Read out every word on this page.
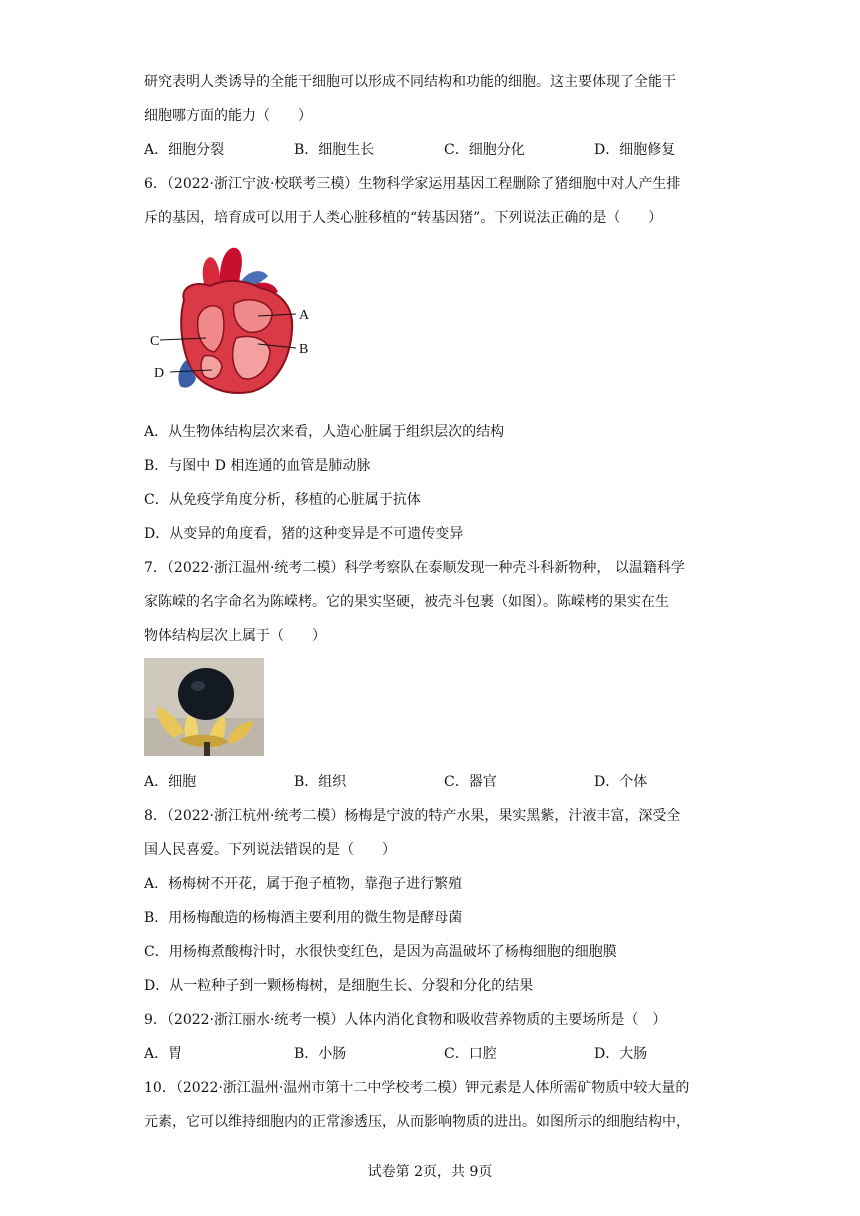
研究表明人类诱导的全能干细胞可以形成不同结构和功能的细胞。这主要体现了全能干
细胞哪方面的能力（　　）
A．细胞分裂	B．细胞生长	C．细胞分化	D．细胞修复
6．（2022·浙江宁波·校联考三模）生物科学家运用基因工程删除了猪细胞中对人产生排
斥的基因，培育成可以用于人类心脏移植的“转基因猪”。下列说法正确的是（　　）
A
B
C
D
A．从生物体结构层次来看，人造心脏属于组织层次的结构
B．与图中 D 相连通的血管是肺动脉
C．从免疫学角度分析，移植的心脏属于抗体
D．从变异的角度看，猪的这种变异是不可遗传变异
7．（2022·浙江温州·统考二模）科学考察队在泰顺发现一种壳斗科新物种， 以温籍科学
家陈嵘的名字命名为陈嵘栲。它的果实坚硬，被壳斗包裹（如图）。陈嵘栲的果实在生
物体结构层次上属于（　　）
A．细胞	B．组织	C．器官	D．个体
8．（2022·浙江杭州·统考二模）杨梅是宁波的特产水果，果实黑紫，汁液丰富，深受全
国人民喜爱。下列说法错误的是（　　）
A．杨梅树不开花，属于孢子植物，靠孢子进行繁殖
B．用杨梅酿造的杨梅酒主要利用的微生物是酵母菌
C．用杨梅煮酸梅汁时，水很快变红色，是因为高温破坏了杨梅细胞的细胞膜
D．从一粒种子到一颗杨梅树，是细胞生长、分裂和分化的结果
9．（2022·浙江丽水·统考一模）人体内消化食物和吸收营养物质的主要场所是（　）
A．胃	B．小肠	C．口腔	D．大肠
10．（2022·浙江温州·温州市第十二中学校考二模）钾元素是人体所需矿物质中较大量的
元素，它可以维持细胞内的正常渗透压，从而影响物质的进出。如图所示的细胞结构中，
试卷第 2页，共 9页
